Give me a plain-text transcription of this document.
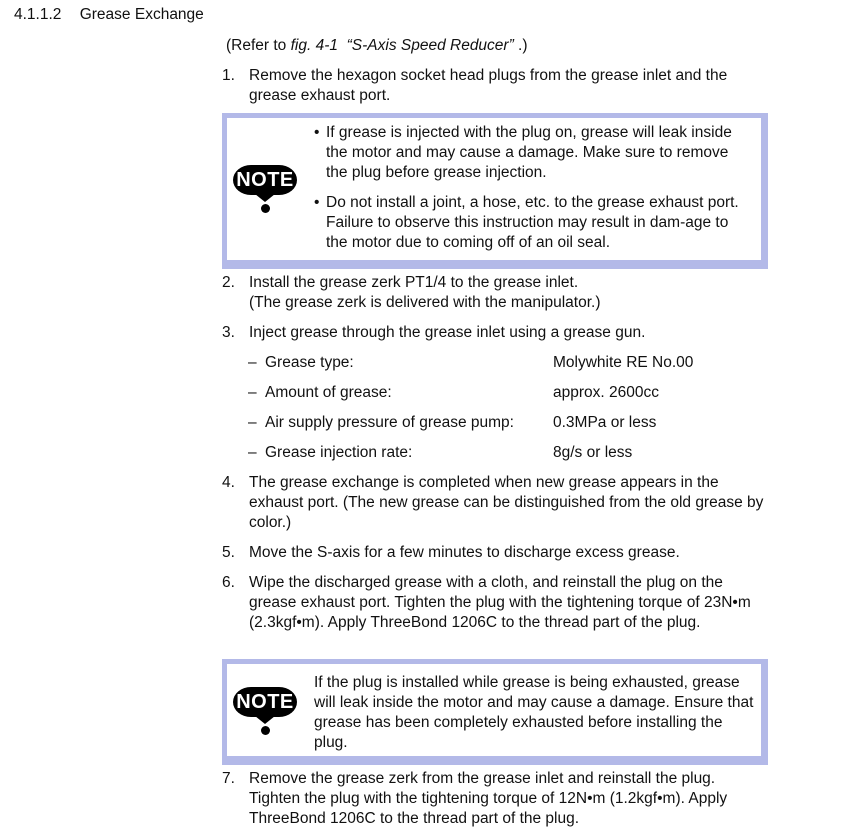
4.1.1.2 Grease Exchange
(Refer to fig. 4-1 “S-Axis Speed Reducer” .)
1. Remove the hexagon socket head plugs from the grease inlet and the grease exhaust port.
NOTE
• If grease is injected with the plug on, grease will leak inside the motor and may cause a damage. Make sure to remove the plug before grease injection.
• Do not install a joint, a hose, etc. to the grease exhaust port. Failure to observe this instruction may result in dam-age to the motor due to coming off of an oil seal.
2. Install the grease zerk PT1/4 to the grease inlet.
(The grease zerk is delivered with the manipulator.)
3. Inject grease through the grease inlet using a grease gun.
– Grease type:	Molywhite RE No.00
– Amount of grease:	approx. 2600cc
– Air supply pressure of grease pump:	0.3MPa or less
– Grease injection rate:	8g/s or less
4. The grease exchange is completed when new grease appears in the exhaust port. (The new grease can be distinguished from the old grease by color.)
5. Move the S-axis for a few minutes to discharge excess grease.
6. Wipe the discharged grease with a cloth, and reinstall the plug on the grease exhaust port. Tighten the plug with the tightening torque of 23N•m (2.3kgf•m). Apply ThreeBond 1206C to the thread part of the plug.
NOTE
If the plug is installed while grease is being exhausted, grease will leak inside the motor and may cause a damage. Ensure that grease has been completely exhausted before installing the plug.
7. Remove the grease zerk from the grease inlet and reinstall the plug. Tighten the plug with the tightening torque of 12N•m (1.2kgf•m). Apply ThreeBond 1206C to the thread part of the plug.
